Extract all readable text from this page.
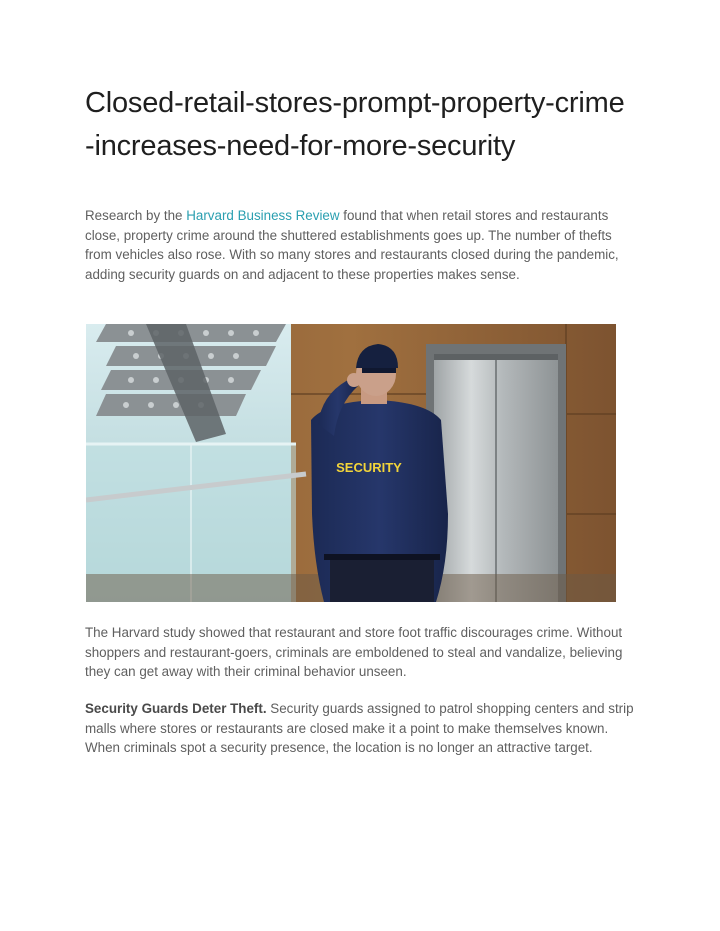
Closed-retail-stores-prompt-property-crime-increases-need-for-more-security

Research by the Harvard Business Review found that when retail stores and restaurants close, property crime around the shuttered establishments goes up. The number of thefts from vehicles also rose. With so many stores and restaurants closed during the pandemic, adding security guards on and adjacent to these properties makes sense.

SECURITY

The Harvard study showed that restaurant and store foot traffic discourages crime. Without shoppers and restaurant-goers, criminals are emboldened to steal and vandalize, believing they can get away with their criminal behavior unseen.

Security Guards Deter Theft. Security guards assigned to patrol shopping centers and strip malls where stores or restaurants are closed make it a point to make themselves known. When criminals spot a security presence, the location is no longer an attractive target.
